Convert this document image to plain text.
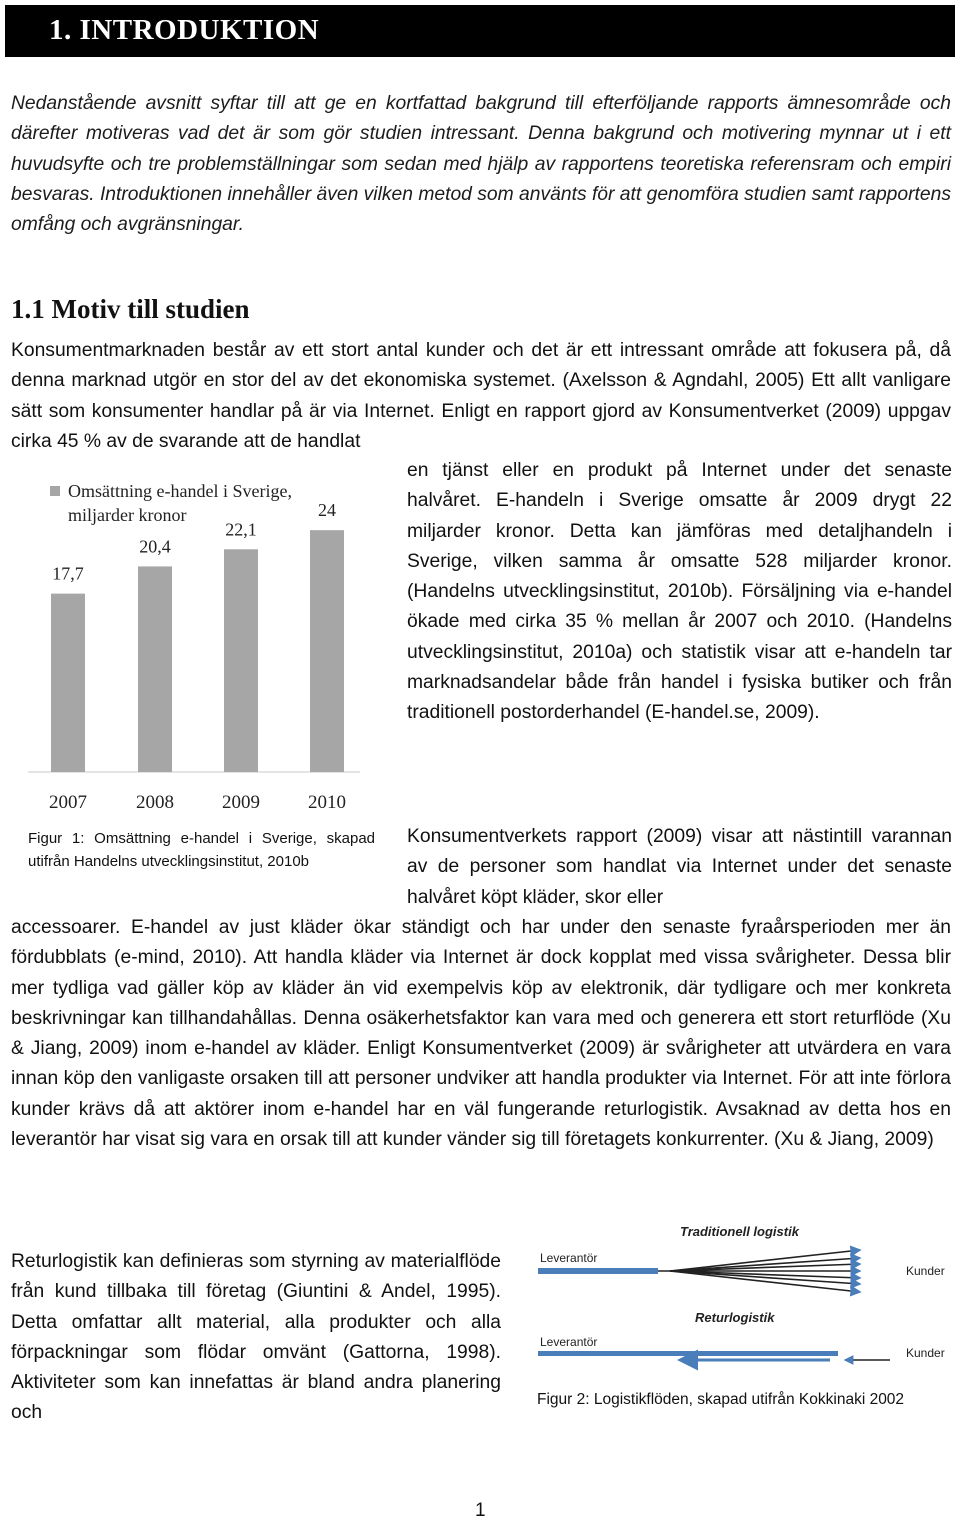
1. INTRODUKTION

Nedanstående avsnitt syftar till att ge en kortfattad bakgrund till efterföljande rapports ämnesområde och därefter motiveras vad det är som gör studien intressant. Denna bakgrund och motivering mynnar ut i ett huvudsyfte och tre problemställningar som sedan med hjälp av rapportens teoretiska referensram och empiri besvaras. Introduktionen innehåller även vilken metod som använts för att genomföra studien samt rapportens omfång och avgränsningar.

1.1 Motiv till studien

Konsumentmarknaden består av ett stort antal kunder och det är ett intressant område att fokusera på, då denna marknad utgör en stor del av det ekonomiska systemet. (Axelsson & Agndahl, 2005) Ett allt vanligare sätt som konsumenter handlar på är via Internet. Enligt en rapport gjord av Konsumentverket (2009) uppgav cirka 45 % av de svarande att de handlat

en tjänst eller en produkt på Internet under det senaste halvåret. E-handeln i Sverige omsatte år 2009 drygt 22 miljarder kronor. Detta kan jämföras med detaljhandeln i Sverige, vilken samma år omsatte 528 miljarder kronor. (Handelns utvecklingsinstitut, 2010b). Försäljning via e-handel ökade med cirka 35 % mellan år 2007 och 2010. (Handelns utvecklingsinstitut, 2010a) och statistik visar att e-handeln tar marknadsandelar både från handel i fysiska butiker och från traditionell postorderhandel (E-handel.se, 2009).

Omsättning e-handel i Sverige,
miljarder kronor
17,7
2007
20,4
2008
22,1
2009
24
2010

Figur 1: Omsättning e-handel i Sverige, skapad utifrån Handelns utvecklingsinstitut, 2010b

Konsumentverkets rapport (2009) visar att nästintill varannan av de personer som handlat via Internet under det senaste halvåret köpt kläder, skor eller

accessoarer. E-handel av just kläder ökar ständigt och har under den senaste fyraårsperioden mer än fördubblats (e-mind, 2010). Att handla kläder via Internet är dock kopplat med vissa svårigheter. Dessa blir mer tydliga vad gäller köp av kläder än vid exempelvis köp av elektronik, där tydligare och mer konkreta beskrivningar kan tillhandahållas. Denna osäkerhetsfaktor kan vara med och generera ett stort returflöde (Xu & Jiang, 2009) inom e-handel av kläder. Enligt Konsumentverket (2009) är svårigheter att utvärdera en vara innan köp den vanligaste orsaken till att personer undviker att handla produkter via Internet. För att inte förlora kunder krävs då att aktörer inom e-handel har en väl fungerande returlogistik. Avsaknad av detta hos en leverantör har visat sig vara en orsak till att kunder vänder sig till företagets konkurrenter. (Xu & Jiang, 2009)

Returlogistik kan definieras som styrning av materialflöde från kund tillbaka till företag (Giuntini & Andel, 1995). Detta omfattar allt material, alla produkter och alla förpackningar som flödar omvänt (Gattorna, 1998). Aktiviteter som kan innefattas är bland andra planering och

Traditionell logistik
Leverantör
Kunder
Returlogistik
Leverantör
Kunder

Figur 2: Logistikflöden, skapad utifrån Kokkinaki 2002

1
